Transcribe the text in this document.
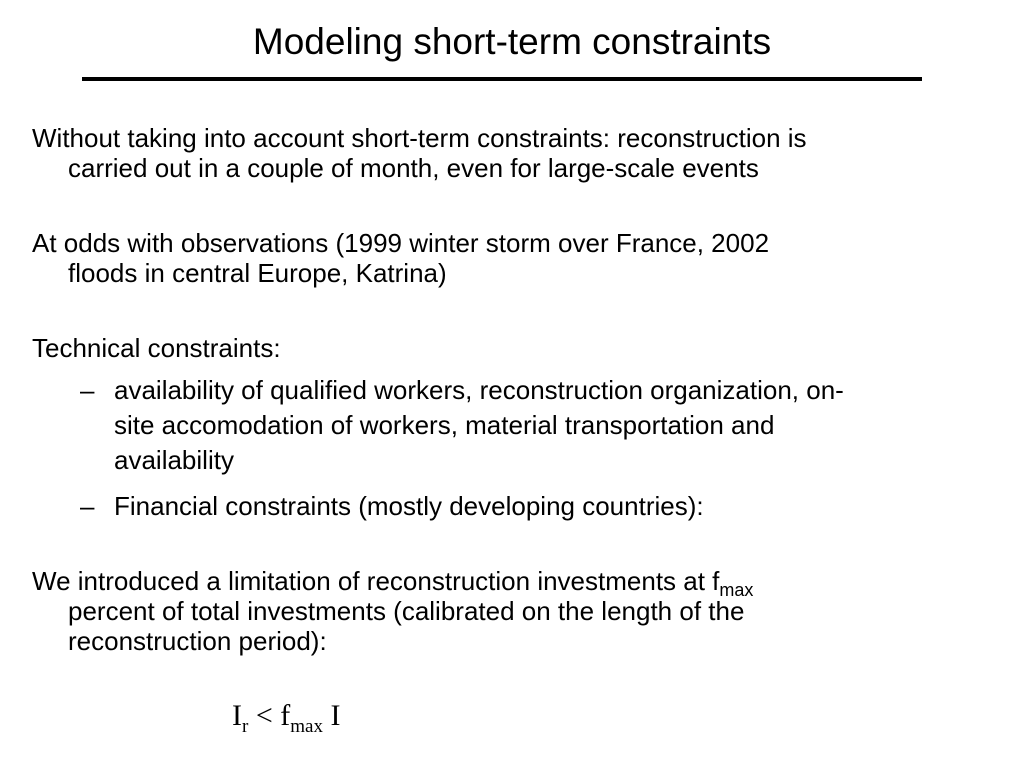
Modeling short-term constraints
Without taking into account short-term constraints: reconstruction is
carried out in a couple of month, even for large-scale events
At odds with observations (1999 winter storm over France, 2002
floods in central Europe, Katrina)
Technical constraints:
– availability of qualified workers, reconstruction organization, on-
site accomodation of workers, material transportation and
availability
– Financial constraints (mostly developing countries):
We introduced a limitation of reconstruction investments at $f_{max}$
percent of total investments (calibrated on the length of the
reconstruction period):
$I_r < f_{max}$ I
